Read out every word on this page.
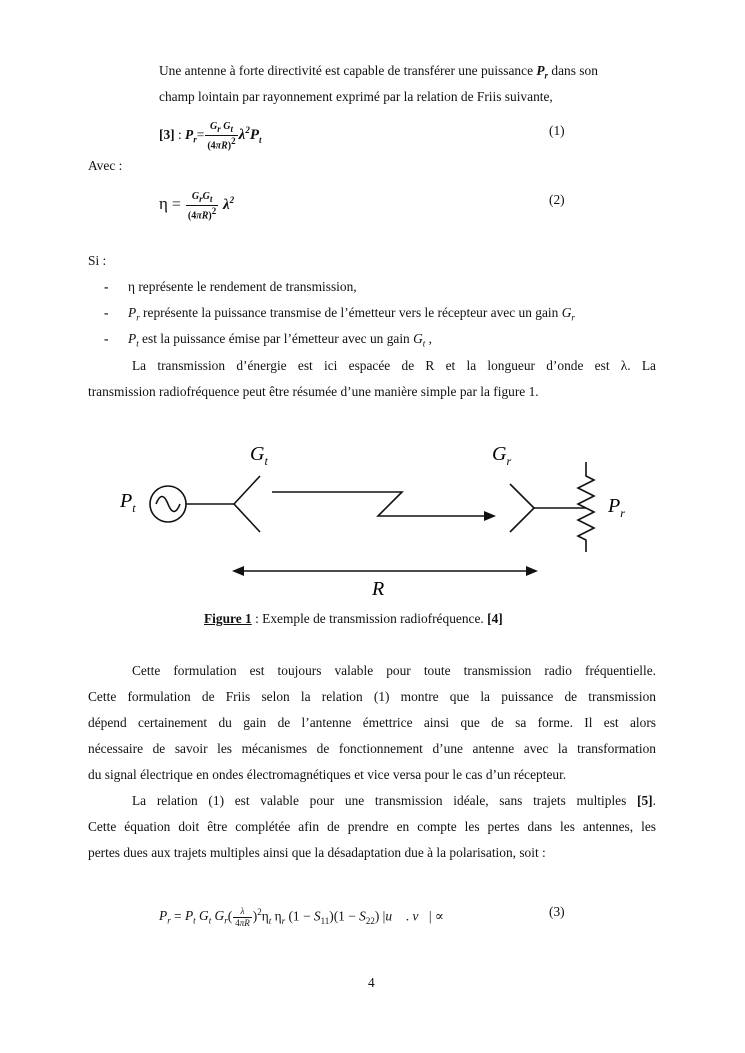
Une antenne à forte directivité est capable de transférer une puissance $P_r$ dans son
champ lointain par rayonnement exprimé par la relation de Friis suivante,
[3] : $P_r= \frac{G_r G_t}{(4\pi R)^2} \lambda^2P_t$
(1)
Avec :
$\eta = \frac{G_rG_t}{(4\pi R)^2} \lambda^2$	(2)
Si :
- η représente le rendement de transmission,
- $P_r$ représente la puissance transmise de l’émetteur vers le récepteur avec un gain $G_r$
- $P_t$ est la puissance émise par l’émetteur avec un gain $G_t$ ,
La transmission d’énergie est ici espacée de R et la longueur d’onde est λ. La
transmission radiofréquence peut être résumée d’une manière simple par la figure 1.
$P_t$
$G_t$	$G_r$
$P_r$
R
Figure 1 : Exemple de transmission radiofréquence. [4]
Cette formulation est toujours valable pour toute transmission radio fréquentielle.
Cette formulation de Friis selon la relation (1) montre que la puissance de transmission
dépend certainement du gain de l’antenne émettrice ainsi que de sa forme. Il est alors
nécessaire de savoir les mécanismes de fonctionnement d’une antenne avec la transformation
du signal électrique en ondes électromagnétiques et vice versa pour le cas d’un récepteur.
La relation (1) est valable pour une transmission idéale, sans trajets multiples [5].
Cette équation doit être complétée afin de prendre en compte les pertes dans les antennes, les
pertes dues aux trajets multiples ainsi que la désadaptation due à la polarisation, soit :
$P_r = P_t$ $G_t$ $G_r( \frac{\lambda}{4\pi R} )^2\eta_t$ $\eta_r$ $(1 - S_{11})(1 - S_{22})$ |u⃗ . v⃗| ∝	(3)
4
